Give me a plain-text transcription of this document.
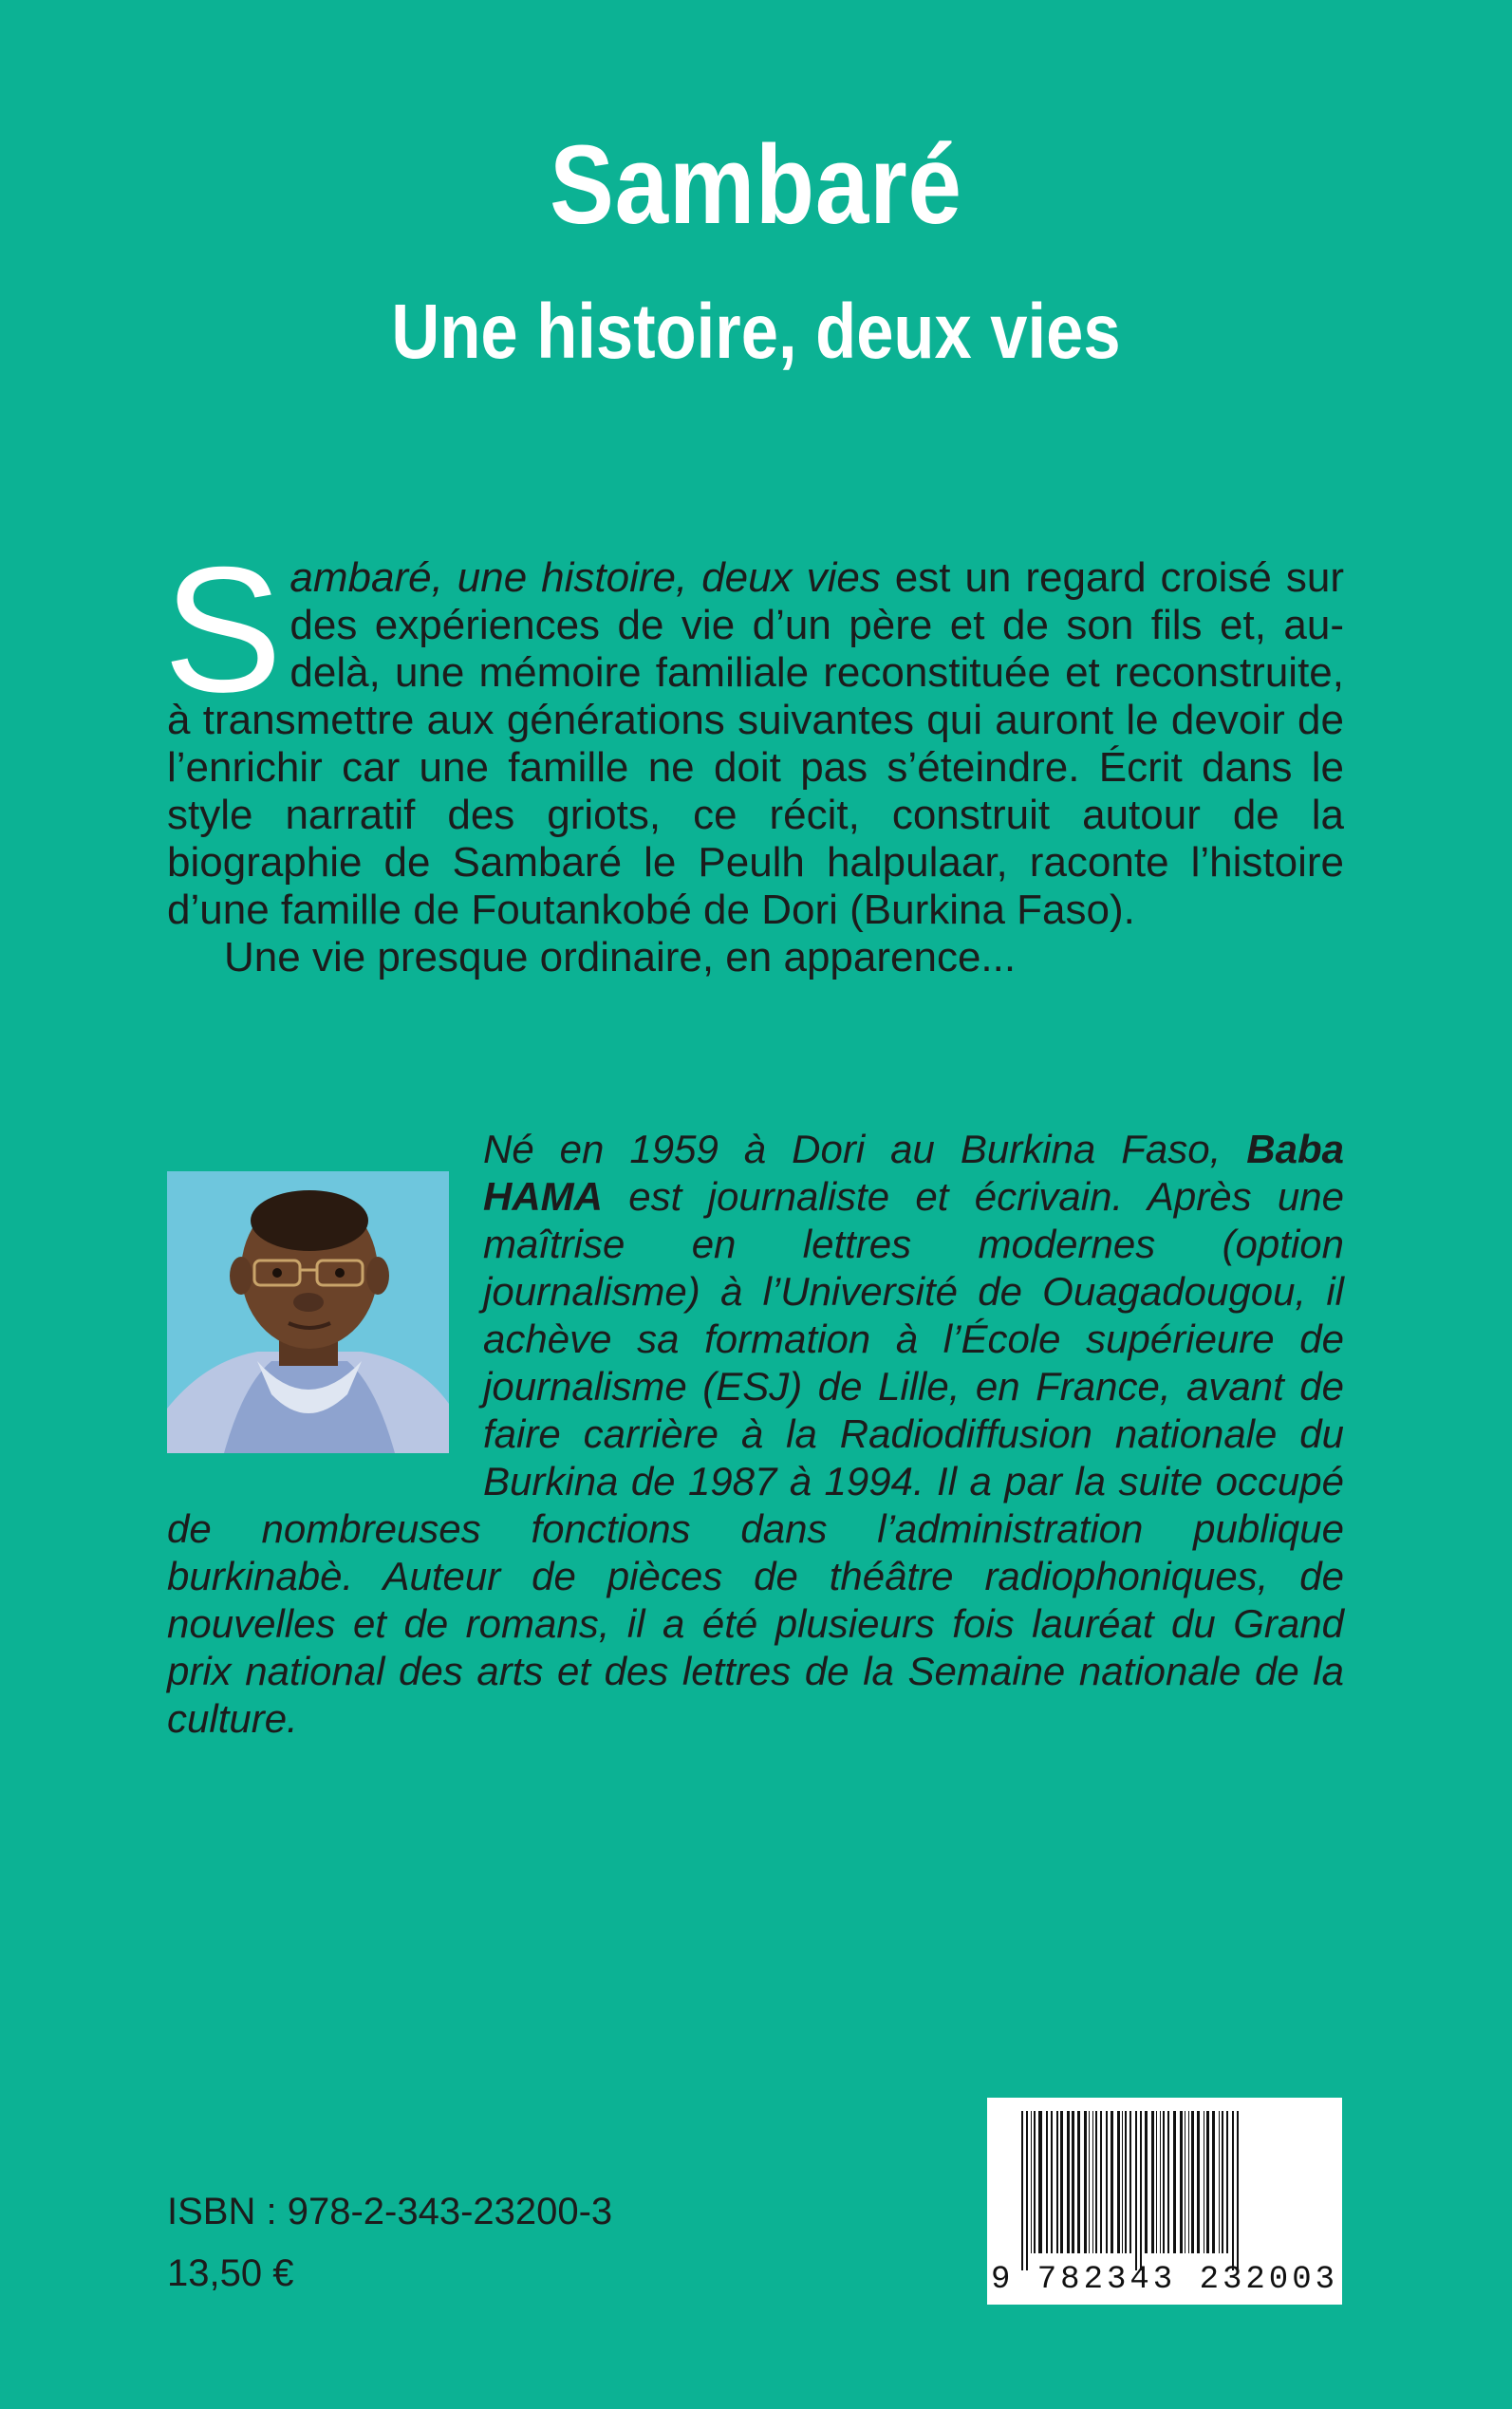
Sambaré
Une histoire, deux vies

Sambaré, une histoire, deux vies est un regard croisé sur des expériences de vie d’un père et de son fils et, au-delà, une mémoire familiale reconstituée et reconstruite, à transmettre aux générations suivantes qui auront le devoir de l’enrichir car une famille ne doit pas s’éteindre. Écrit dans le style narratif des griots, ce récit, construit autour de la biographie de Sambaré le Peulh halpulaar, raconte l’histoire d’une famille de Foutankobé de Dori (Burkina Faso).

Une vie presque ordinaire, en apparence...

Né en 1959 à Dori au Burkina Faso, Baba HAMA est journaliste et écrivain. Après une maîtrise en lettres modernes (option journalisme) à l’Université de Ouagadougou, il achève sa formation à l’École supérieure de journalisme (ESJ) de Lille, en France, avant de faire carrière à la Radiodiffusion nationale du Burkina de 1987 à 1994. Il a par la suite occupé de nombreuses fonctions dans l’administration publique burkinabè. Auteur de pièces de théâtre radiophoniques, de nouvelles et de romans, il a été plusieurs fois lauréat du Grand prix national des arts et des lettres de la Semaine nationale de la culture.
ISBN : 978-2-343-23200-3
13,50 €	9 782343 232003
